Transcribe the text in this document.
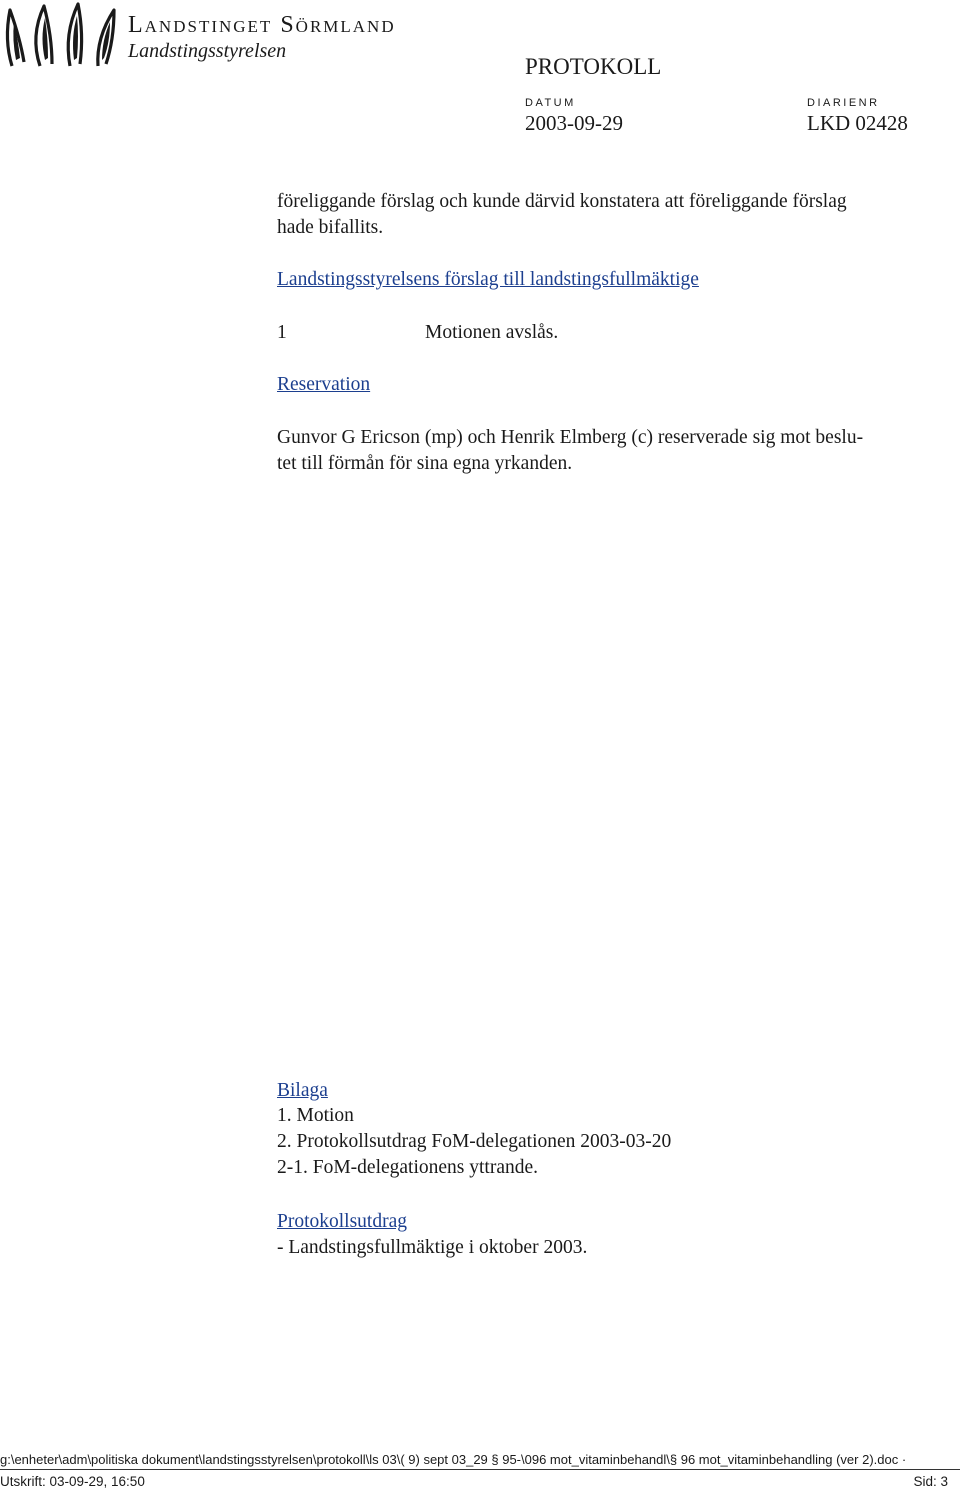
Landstinget Sörmland
Landstingsstyrelsen
PROTOKOLL
DATUM
2003-09-29
DIARIENR
LKD 02428
föreliggande förslag och kunde därvid konstatera att föreliggande förslag
hade bifallits.
Landstingsstyrelsens förslag till landstingsfullmäktige
1	Motionen avslås.
Reservation
Gunvor G Ericson (mp) och Henrik Elmberg (c) reserverade sig mot beslu-
tet till förmån för sina egna yrkanden.
Bilaga
1. Motion
2. Protokollsutdrag FoM-delegationen 2003-03-20
2-1. FoM-delegationens yttrande.
Protokollsutdrag
- Landstingsfullmäktige i oktober 2003.
g:\enheter\adm\politiska dokument\landstingsstyrelsen\protokoll\ls 03\( 9) sept 03_29 § 95-\096 mot_vitaminbehandl\§ 96 mot_vitaminbehandling (ver 2).doc ·
Utskrift: 03-09-29, 16:50	Sid: 3
